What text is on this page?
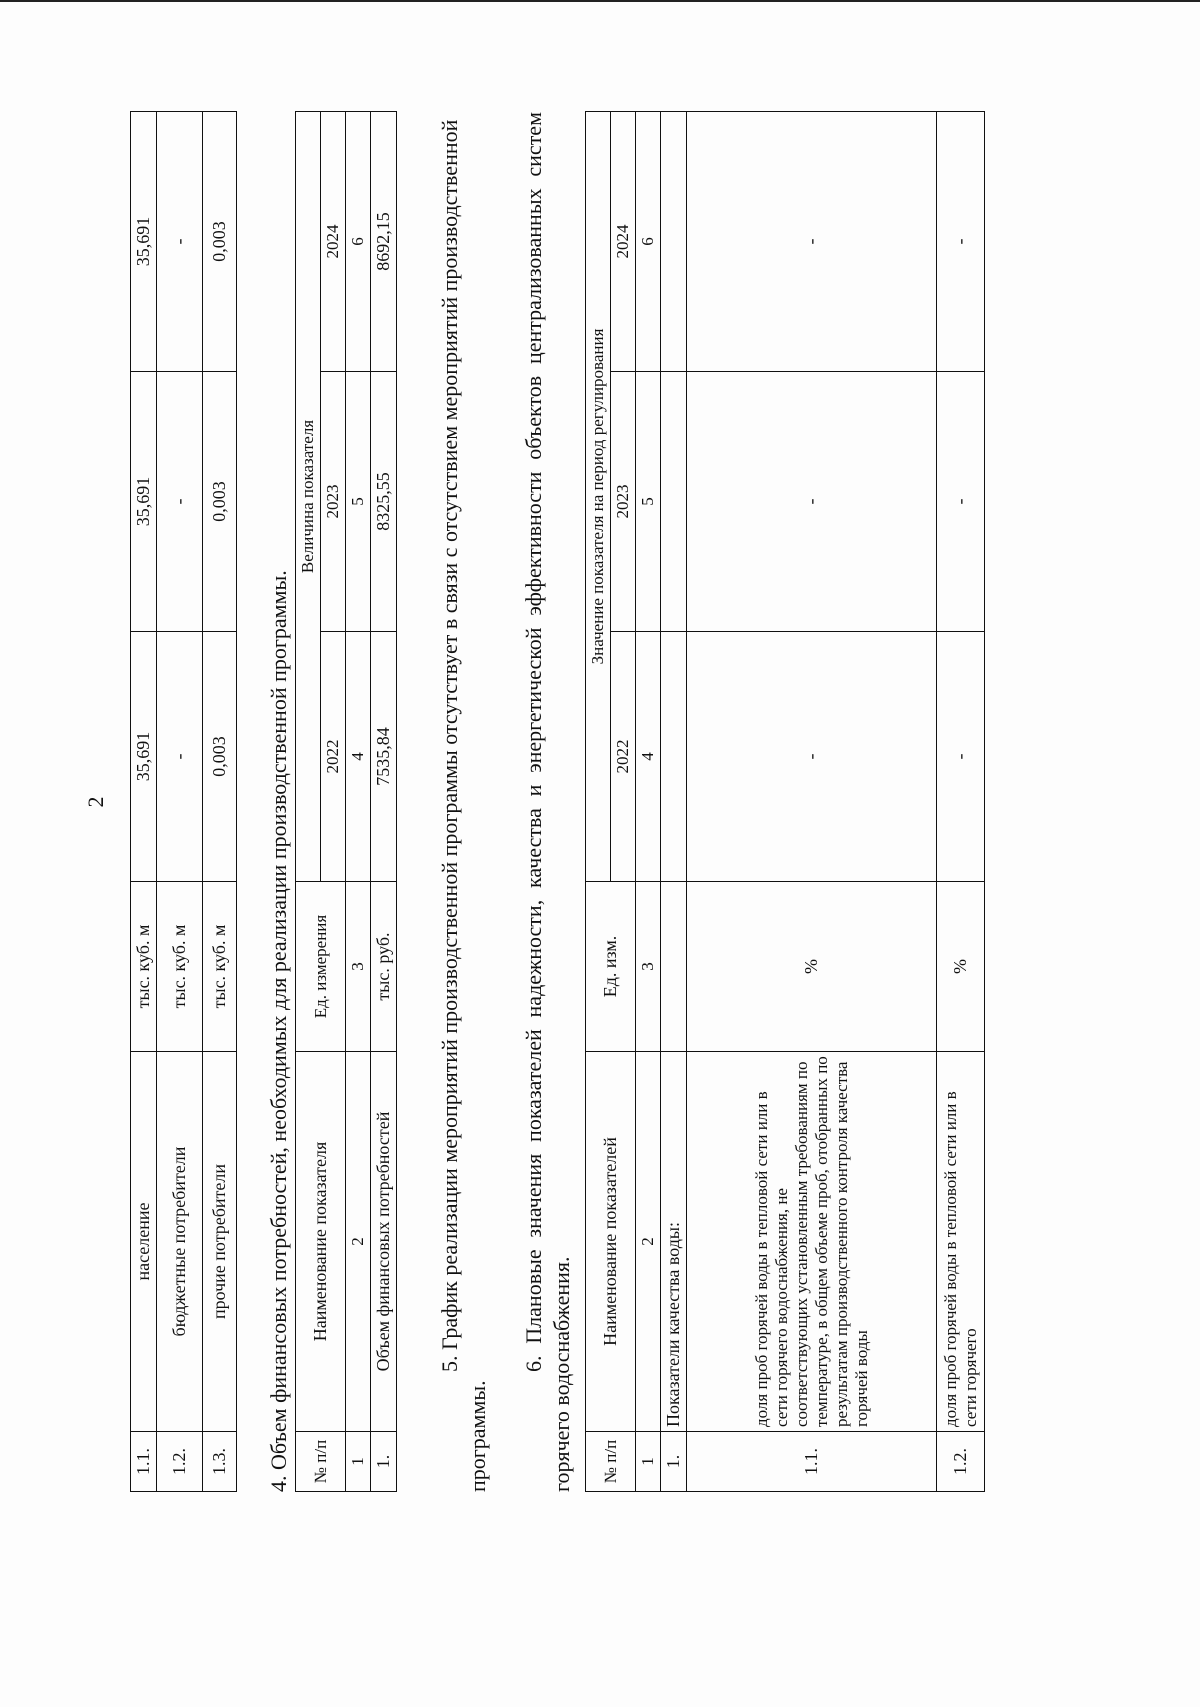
2
1.1.	население	тыс. куб. м	35,691	35,691	35,691
1.2.	бюджетные потребители	тыс. куб. м	-	-	-
1.3.	прочие потребители	тыс. куб. м	0,003	0,003	0,003
4. Объем финансовых потребностей, необходимых для реализации производственной программы. № п/п	Наименование показателя	Ед. измерения	Величина показателя		
			2022	2023	2024
1	2	3	4	5	6
1.	Объем финансовых потребностей	тыс. руб.	7535,84	8325,55	8692,15 5. График реализации мероприятий производственной программы отсутствует в связи с отсутствием мероприятий производственной программы.
6. Плановые значения показателей надежности, качества и энергетической эффективности объектов централизованных систем горячего водоснабжения. № п/п	Наименование показателей	Ед. изм.	Значение показателя на период регулирования		
			2022	2023	2024
1	2	3	4	5	6
1.	Показатели качества воды:				
1.1.	доля проб горячей воды в тепловой сети или в сети горячего водоснабжения, не соответствующих установленным требованиям по температуре, в общем объеме проб, отобранных по результатам производственного контроля качества горячей воды	%	-	-	-
1.2.	доля проб горячей воды в тепловой сети или в сети горячего	%	-	-	-
